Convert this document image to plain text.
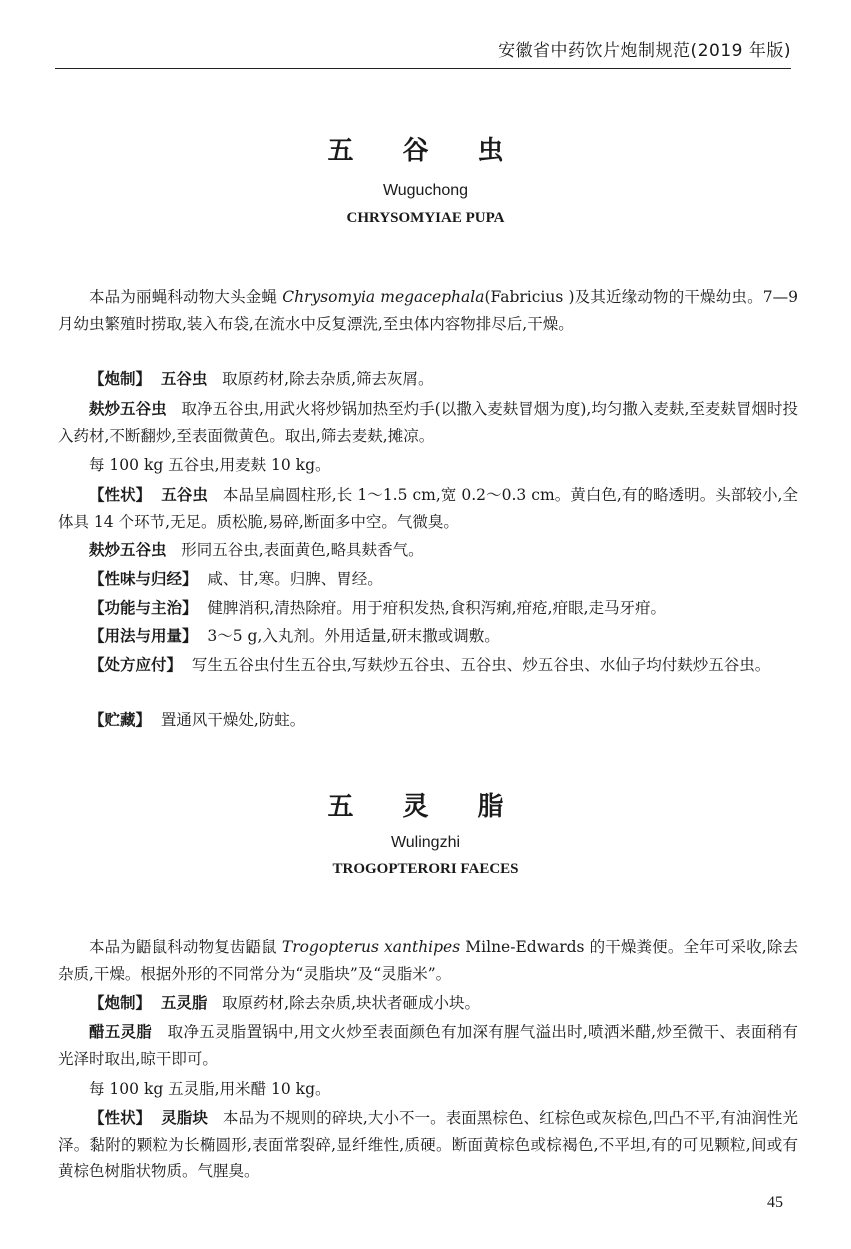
安徽省中药饮片炮制规范(2019 年版)
五 谷 虫
Wuguchong
CHRYSOMYIAE PUPA

本品为丽蝇科动物大头金蝇 Chrysomyia megacephala(Fabricius )及其近缘动物的干燥幼虫。7—9 月幼虫繁殖时捞取,装入布袋,在流水中反复漂洗,至虫体内容物排尽后,干燥。

【炮制】 五谷虫 取原药材,除去杂质,筛去灰屑。

麸炒五谷虫 取净五谷虫,用武火将炒锅加热至灼手(以撒入麦麸冒烟为度),均匀撒入麦麸,至麦麸冒烟时投入药材,不断翻炒,至表面微黄色。取出,筛去麦麸,摊凉。

每 100 kg 五谷虫,用麦麸 10 kg。

【性状】 五谷虫 本品呈扁圆柱形,长 1～1.5 cm,宽 0.2～0.3 cm。黄白色,有的略透明。头部较小,全体具 14 个环节,无足。质松脆,易碎,断面多中空。气微臭。

麸炒五谷虫 形同五谷虫,表面黄色,略具麸香气。

【性味与归经】 咸、甘,寒。归脾、胃经。

【功能与主治】 健脾消积,清热除疳。用于疳积发热,食积泻痢,疳疮,疳眼,走马牙疳。

【用法与用量】 3～5 g,入丸剂。外用适量,研末撒或调敷。

【处方应付】 写生五谷虫付生五谷虫,写麸炒五谷虫、五谷虫、炒五谷虫、水仙子均付麸炒五谷虫。

【贮藏】 置通风干燥处,防蛀。

五 灵 脂
Wulingzhi
TROGOPTERORI FAECES

本品为鼯鼠科动物复齿鼯鼠 Trogopterus xanthipes Milne-Edwards 的干燥粪便。全年可采收,除去杂质,干燥。根据外形的不同常分为“灵脂块”及“灵脂米”。

【炮制】 五灵脂 取原药材,除去杂质,块状者砸成小块。

醋五灵脂 取净五灵脂置锅中,用文火炒至表面颜色有加深有腥气溢出时,喷洒米醋,炒至微干、表面稍有光泽时取出,晾干即可。

每 100 kg 五灵脂,用米醋 10 kg。

【性状】 灵脂块 本品为不规则的碎块,大小不一。表面黑棕色、红棕色或灰棕色,凹凸不平,有油润性光泽。黏附的颗粒为长椭圆形,表面常裂碎,显纤维性,质硬。断面黄棕色或棕褐色,不平坦,有的可见颗粒,间或有黄棕色树脂状物质。气腥臭。

45
